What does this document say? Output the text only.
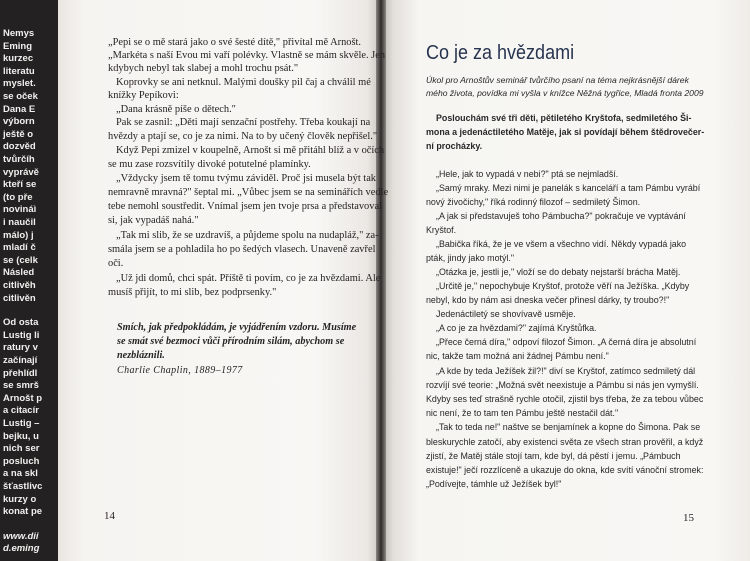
Nemys
Eming
kurzec
literatu
myslet.
se oček
Dana E
výborn
ještě o
dozvěd
tvůrčíh
vyprávě
kteří se
(to pře
novináì
i naučil
málo) j
mladí č
se (celk
Násled
citlivěh
citlivěn
Od osta
Lustig li
ratury v
začínají
přehlídl
se smrš
Arnošt p
a citacír
Lustig –
bejku, u
nich ser
posluch
a na skl
šťastlivc
kurzy o
konat pe
www.dii
d.eming
„Pepi se o mě stará jako o své šesté dítě," přivítal mě Arnošt.
„Markéta s naší Evou mi vaří polévky. Vlastně se mám skvěle. Jen
kdybych nebyl tak slabej a mohl trochu psát."
Koprovky se ani netknul. Malými doušky pil čaj a chválil mé
knížky Pepíkovi:
„Dana krásně píše o dětech."
Pak se zasnil: „Děti mají senzační postřehy. Třeba koukají na
hvězdy a ptají se, co je za nimi. Na to by učený člověk nepřišel."
Když Pepi zmizel v koupelně, Arnošt si mě přitáhl blíž a v očích
se mu zase rozsvítily divoké potutelné plamínky.
„Vždycky jsem tě tomu tvýmu záviděl. Proč jsi musela být tak
nemravně mravná?" šeptal mi. „Vůbec jsem se na seminářích vedle
tebe nemohl soustředit. Vnímal jsem jen tvoje prsa a představoval
si, jak vypadáš nahá."
„Tak mi slib, že se uzdravíš, a půjdeme spolu na nudapláž," za-
smála jsem se a pohladila ho po šedých vlasech. Unaveně zavřel
oči.
„Už jdi domů, chci spát. Příště ti povím, co je za hvězdami. Ale
musíš přijít, to mi slib, bez podprsenky."
Smích, jak předpokládám, je vyjádřením vzdoru. Musíme
se smát své bezmoci vůči přírodním silám, abychom se
nezbláznili.
Charlie Chaplin, 1889–1977
14
Co je za hvězdami
Úkol pro Arnoštův seminář tvůrčího psaní na téma nejkrásnější dárek
mého života, povídka mi vyšla v knížce Něžná tygřice, Mladá fronta 2009
Poslouchám své tři děti, pětiletého Kryštofa, sedmiletého Ši-
mona a jedenáctiletého Matěje, jak si povídají během štědrovečer-
ní procházky.
„Hele, jak to vypadá v nebi?" ptá se nejmladší.
„Samý mraky. Mezi nimi je panelák s kanceláří a tam Pámbu vyrábí
nový živočichy," říká rodinný filozof – sedmiletý Šimon.
„A jak si představuješ toho Pámbucha?" pokračuje ve vyptávání
Kryštof.
„Babička říká, že je ve všem a všechno vidí. Někdy vypadá jako
pták, jindy jako motýl."
„Otázka je, jestli je," vloží se do debaty nejstarší brácha Matěj.
„Určitě je," nepochybuje Kryštof, protože věří na Ježíška. „Kdyby
nebyl, kdo by nám asi dneska večer přinesl dárky, ty troubo?!"
Jedenáctiletý se shovívavě usměje.
„A co je za hvězdami?" zajímá Kryštůfka.
„Přece černá díra," odpoví filozof Šimon. „A černá díra je absolutní
nic, takže tam možná ani žádnej Pámbu není."
„A kde by teda Ježíšek žil?!" diví se Kryštof, zatímco sedmiletý dál
rozvíjí své teorie: „Možná svět neexistuje a Pámbu si nás jen vymyšlí.
Kdyby ses teď strašně rychle otočil, zjistil bys třeba, že za tebou vůbec
nic není, že to tam ten Pámbu ještě nestačil dát."
„Tak to teda ne!" naštve se benjamínek a kopne do Šimona. Pak se
bleskurychle zatočí, aby existenci světa ze všech stran prověřil, a když
zjistí, že Matěj stále stojí tam, kde byl, dá pěstí i jemu. „Pámbuch
existuje!" ječí rozzlíceně a ukazuje do okna, kde svítí vánoční stromek:
„Podívejte, támhle už Ježíšek byl!"
15
